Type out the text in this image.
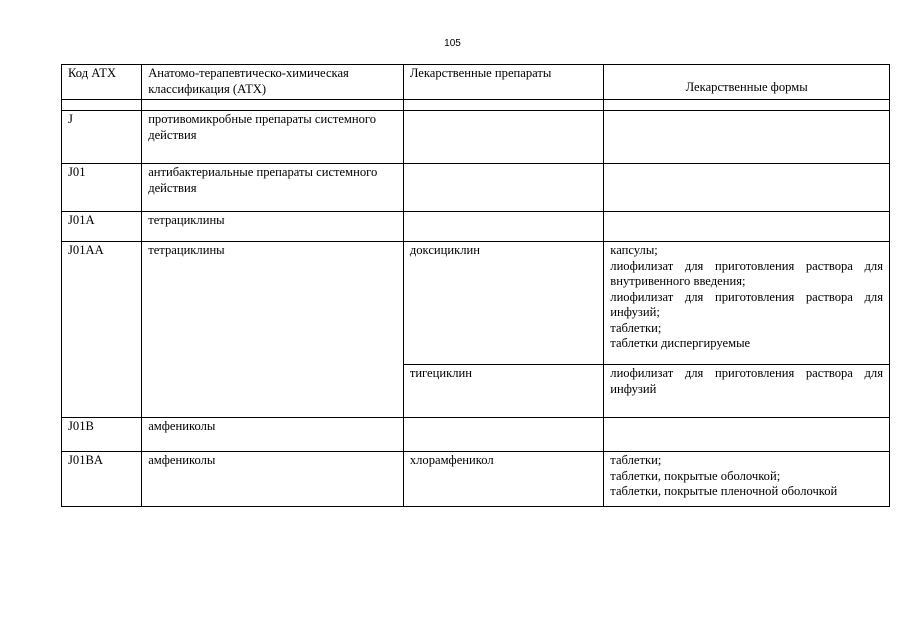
105
Код АТХ	Анатомо-терапевтическо-химическая классификация (АТХ)	Лекарственные препараты	Лекарственные формы

J	противомикробные препараты системного действия		
J01	антибактериальные препараты системного действия		
J01A	тетрациклины		
J01AA	тетрациклины	доксициклин	капсулы;
лиофилизат для приготовления раствора для внутривенного введения;
лиофилизат для приготовления раствора для инфузий;
таблетки;
таблетки диспергируемые

		тигециклин	лиофилизат для приготовления раствора для инфузий

J01B	амфениколы		
J01BA	амфениколы	хлорамфеникол	таблетки;
таблетки, покрытые оболочкой;
таблетки, покрытые пленочной оболочкой
